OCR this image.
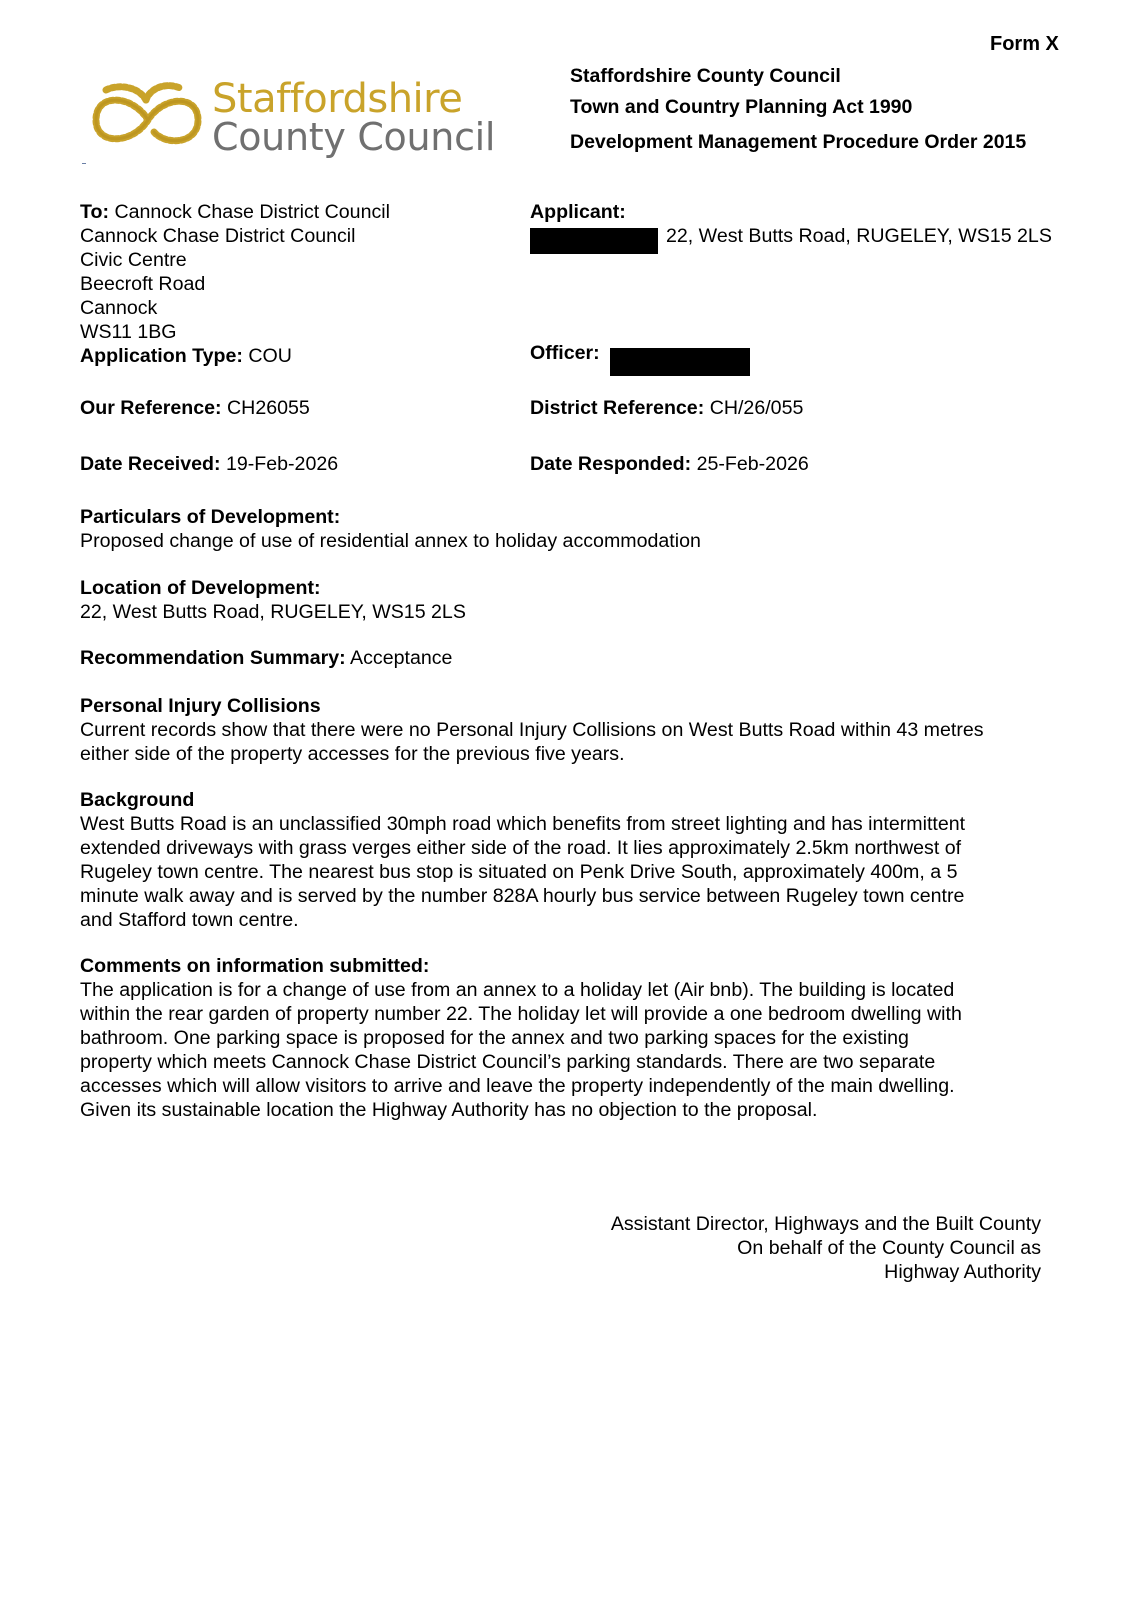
Form X
Staffordshire
County Council
Staffordshire County Council
Town and Country Planning Act 1990
Development Management Procedure Order 2015
To: Cannock Chase District Council
Cannock Chase District Council
Civic Centre
Beecroft Road
Cannock
WS11 1BG
Application Type: COU
Applicant:
22, West Butts Road, RUGELEY, WS15 2LS
Officer:
Our Reference: CH26055	District Reference: CH/26/055
Date Received: 19-Feb-2026	Date Responded: 25-Feb-2026
Particulars of Development:
Proposed change of use of residential annex to holiday accommodation
Location of Development:
22, West Butts Road, RUGELEY, WS15 2LS
Recommendation Summary: Acceptance
Personal Injury Collisions
Current records show that there were no Personal Injury Collisions on West Butts Road within 43 metres
either side of the property accesses for the previous five years.
Background
West Butts Road is an unclassified 30mph road which benefits from street lighting and has intermittent
extended driveways with grass verges either side of the road. It lies approximately 2.5km northwest of
Rugeley town centre. The nearest bus stop is situated on Penk Drive South, approximately 400m, a 5
minute walk away and is served by the number 828A hourly bus service between Rugeley town centre
and Stafford town centre.
Comments on information submitted:
The application is for a change of use from an annex to a holiday let (Air bnb). The building is located
within the rear garden of property number 22. The holiday let will provide a one bedroom dwelling with
bathroom. One parking space is proposed for the annex and two parking spaces for the existing
property which meets Cannock Chase District Council’s parking standards. There are two separate
accesses which will allow visitors to arrive and leave the property independently of the main dwelling.
Given its sustainable location the Highway Authority has no objection to the proposal.
Assistant Director, Highways and the Built County
On behalf of the County Council as
Highway Authority
